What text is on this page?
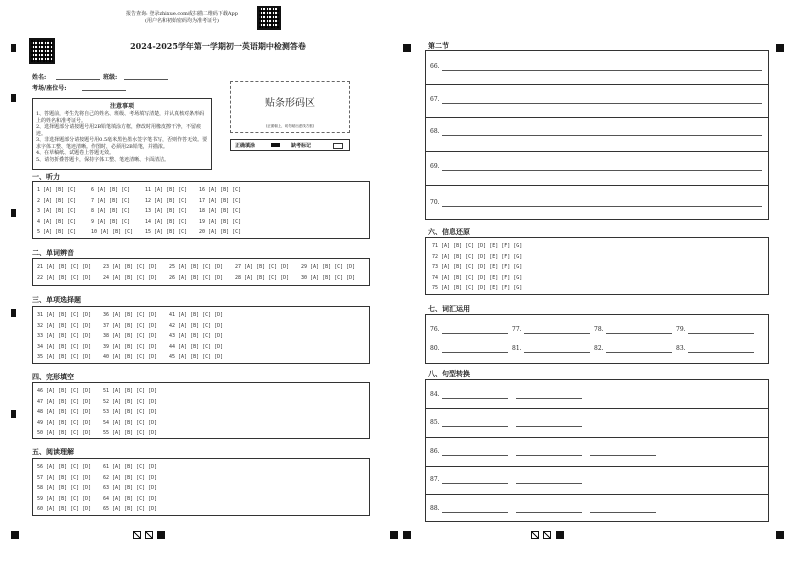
报告查询: 登录zhixue.com或扫描二维码下载App
(用户名和初始密码均为准考证号)
2024-2025学年第一学期初一英语期中检测答卷
姓名:	班级:
考场/座位号:
注意事项
1、答题前，考生先将自己的姓名、班级、考场填写清楚，并认真核对条形码上的姓名和准考证号。
2、选择题部分请按题号用2B铅笔填涂方框，修改时用橡皮擦干净，不留痕迹。
3、非选择题部分请按题号用0.5毫米黑色墨水签字笔书写，否则作答无效。要求字体工整、笔迹清晰。作图时，必须用2B铅笔，并描浓。
4、在草稿纸、试题卷上答题无效。
5、请勿折叠答题卡，保持字体工整、笔迹清晰、卡面清洁。
贴条形码区
(正面朝上，切勿贴出虚线方框)
正确填涂	缺考标记
一、听力
1 [A] [B] [C]
2 [A] [B] [C]
3 [A] [B] [C]
4 [A] [B] [C]
5 [A] [B] [C]
6 [A] [B] [C]
7 [A] [B] [C]
8 [A] [B] [C]
9 [A] [B] [C]
10 [A] [B] [C]
11 [A] [B] [C]
12 [A] [B] [C]
13 [A] [B] [C]
14 [A] [B] [C]
15 [A] [B] [C]
16 [A] [B] [C]
17 [A] [B] [C]
18 [A] [B] [C]
19 [A] [B] [C]
20 [A] [B] [C]
二、单词辨音
21 [A] [B] [C] [D]
22 [A] [B] [C] [D]
23 [A] [B] [C] [D]
24 [A] [B] [C] [D]
25 [A] [B] [C] [D]
26 [A] [B] [C] [D]
27 [A] [B] [C] [D]
28 [A] [B] [C] [D]
29 [A] [B] [C] [D]
30 [A] [B] [C] [D]
三、单项选择题
31 [A] [B] [C] [D]
32 [A] [B] [C] [D]
33 [A] [B] [C] [D]
34 [A] [B] [C] [D]
35 [A] [B] [C] [D]
36 [A] [B] [C] [D]
37 [A] [B] [C] [D]
38 [A] [B] [C] [D]
39 [A] [B] [C] [D]
40 [A] [B] [C] [D]
41 [A] [B] [C] [D]
42 [A] [B] [C] [D]
43 [A] [B] [C] [D]
44 [A] [B] [C] [D]
45 [A] [B] [C] [D]
四、完形填空
46 [A] [B] [C] [D]
47 [A] [B] [C] [D]
48 [A] [B] [C] [D]
49 [A] [B] [C] [D]
50 [A] [B] [C] [D]
51 [A] [B] [C] [D]
52 [A] [B] [C] [D]
53 [A] [B] [C] [D]
54 [A] [B] [C] [D]
55 [A] [B] [C] [D]
五、阅读理解
56 [A] [B] [C] [D]
57 [A] [B] [C] [D]
58 [A] [B] [C] [D]
59 [A] [B] [C] [D]
60 [A] [B] [C] [D]
61 [A] [B] [C] [D]
62 [A] [B] [C] [D]
63 [A] [B] [C] [D]
64 [A] [B] [C] [D]
65 [A] [B] [C] [D]
第二节
66.
67.
68.
69.
70.
六、信息还原
71 [A] [B] [C] [D] [E] [F] [G]
72 [A] [B] [C] [D] [E] [F] [G]
73 [A] [B] [C] [D] [E] [F] [G]
74 [A] [B] [C] [D] [E] [F] [G]
75 [A] [B] [C] [D] [E] [F] [G]
七、词汇运用
76.	77.	78.	79.
80.	81.	82.	83.
八、句型转换
84.
85.
86.
87.
88.
